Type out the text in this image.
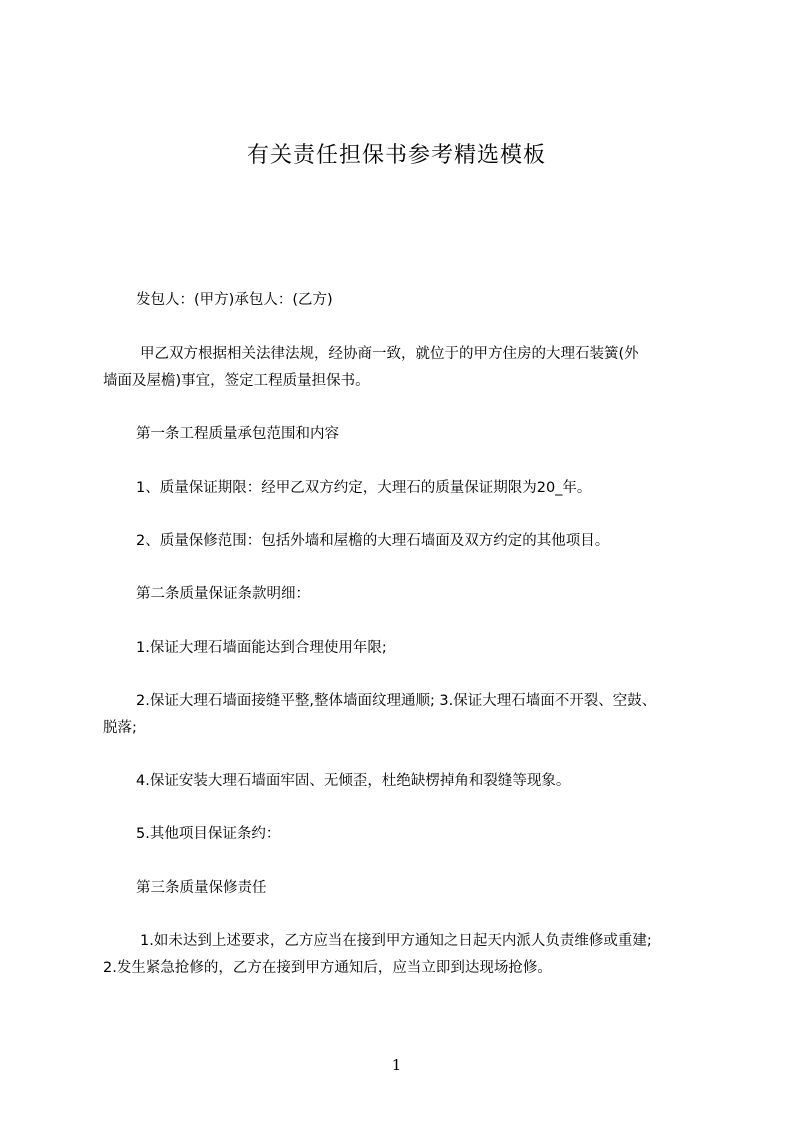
有关责任担保书参考精选模板
发包人：(甲方)承包人：(乙方)
甲乙双方根据相关法律法规，经协商一致，就位于的甲方住房的大理石装簧(外
墙面及屋檐)事宜，签定工程质量担保书。
第一条工程质量承包范围和内容
1、质量保证期限：经甲乙双方约定，大理石的质量保证期限为20_年。
2、质量保修范围：包括外墙和屋檐的大理石墙面及双方约定的其他项目。
第二条质量保证条款明细：
1.保证大理石墙面能达到合理使用年限;
2.保证大理石墙面接缝平整,整体墙面纹理通顺; 3.保证大理石墙面不开裂、空鼓、
脱落;
4.保证安装大理石墙面牢固、无倾歪，杜绝缺楞掉角和裂缝等现象。
5.其他项目保证条约：
第三条质量保修责任
1.如未达到上述要求，乙方应当在接到甲方通知之日起天内派人负责维修或重建;
2.发生紧急抢修的，乙方在接到甲方通知后，应当立即到达现场抢修。
1
